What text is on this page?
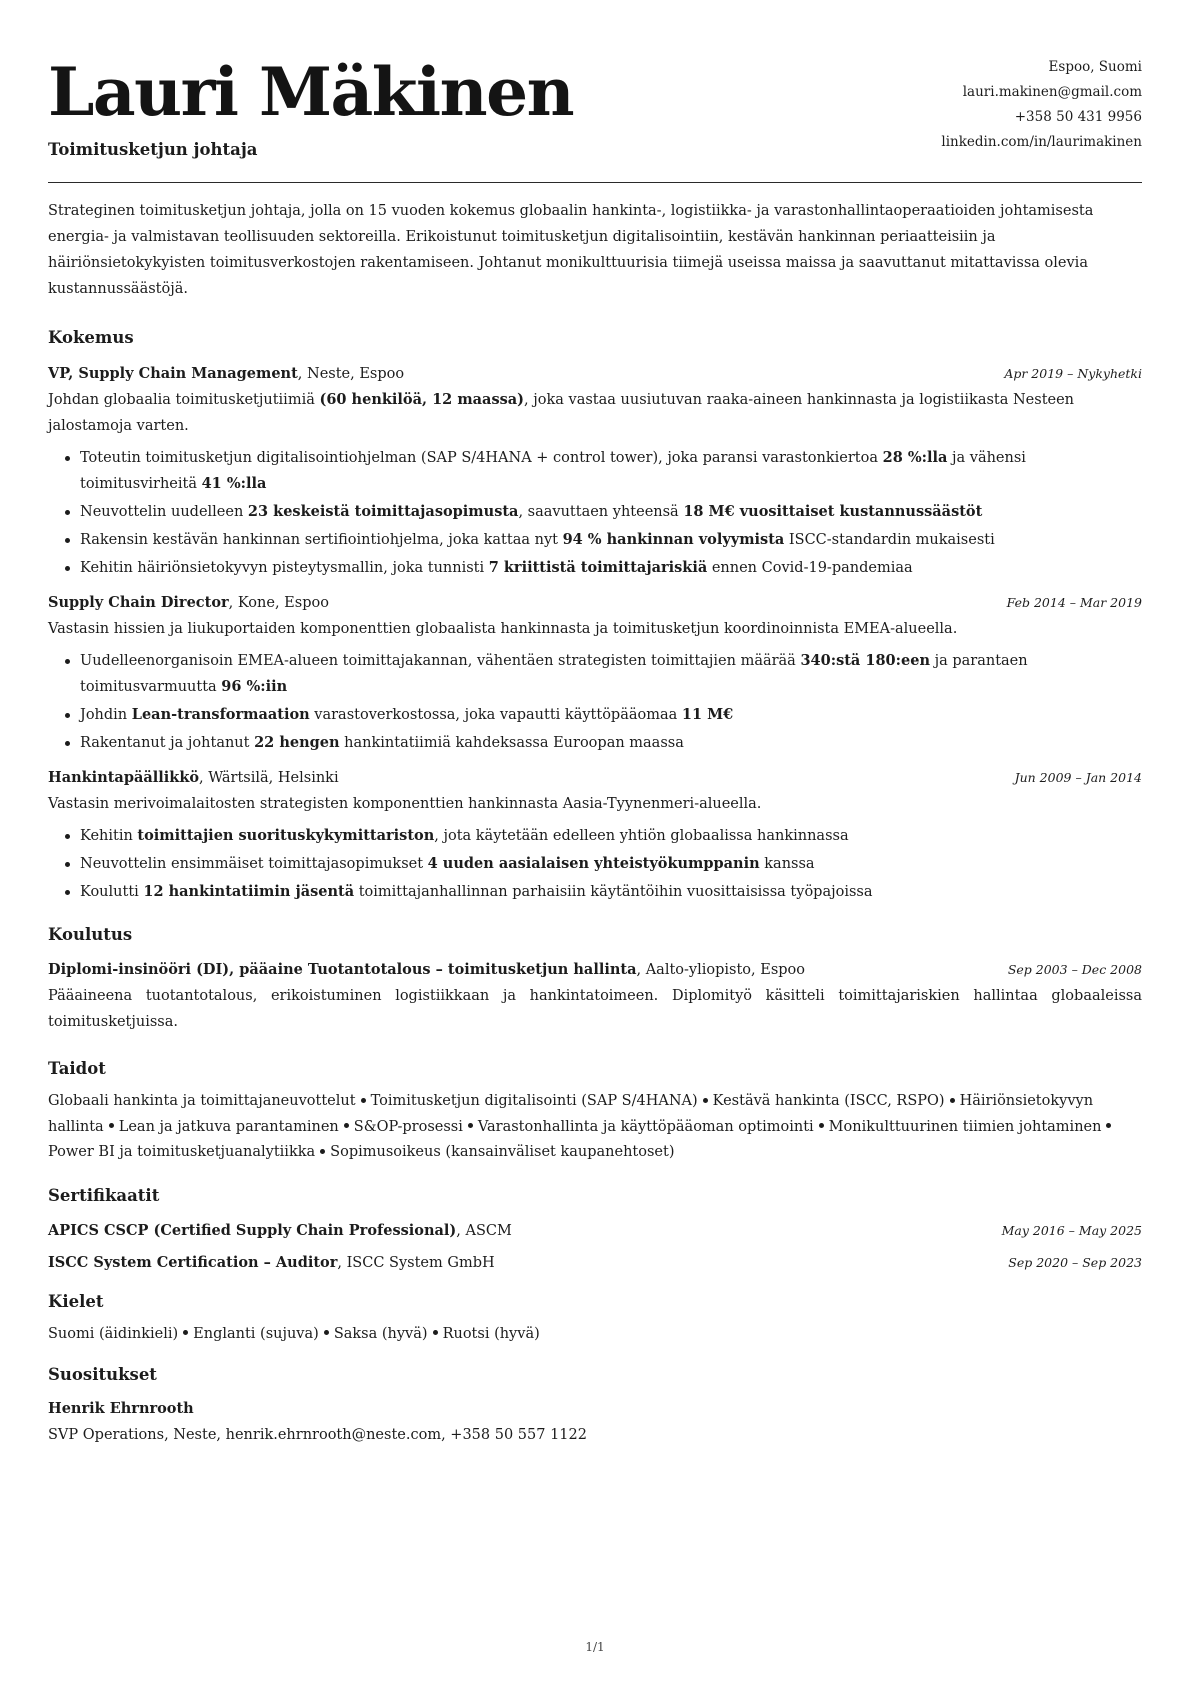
Lauri Mäkinen

Toimitusketjun johtaja

Espoo, Suomi
lauri.makinen@gmail.com
+358 50 431 9956
linkedin.com/in/laurimakinen

Strateginen toimitusketjun johtaja, jolla on 15 vuoden kokemus globaalin hankinta-, logistiikka- ja varastonhallintaoperaatioiden johtamisesta energia- ja valmistavan teollisuuden sektoreilla. Erikoistunut toimitusketjun digitalisointiin, kestävän hankinnan periaatteisiin ja häiriönsietokykyisten toimitusverkostojen rakentamiseen. Johtanut monikulttuurisia tiimejä useissa maissa ja saavuttanut mitattavissa olevia kustannussäästöjä.

Kokemus
VP, Supply Chain Management, Neste, Espoo	Apr 2019 – Nykyhetki

Johdan globaalia toimitusketjutiimiä (60 henkilöä, 12 maassa), joka vastaa uusiutuvan raaka-aineen hankinnasta ja logistiikasta Nesteen jalostamoja varten.

Toteutin toimitusketjun digitalisointiohjelman (SAP S/4HANA + control tower), joka paransi varastonkiertoa 28 %:lla ja vähensi toimitusvirheitä 41 %:lla
Neuvottelin uudelleen 23 keskeistä toimittajasopimusta, saavuttaen yhteensä 18 M€ vuosittaiset kustannussäästöt
Rakensin kestävän hankinnan sertifiointiohjelma, joka kattaa nyt 94 % hankinnan volyymista ISCC-standardin mukaisesti
Kehitin häiriönsietokyvyn pisteytysmallin, joka tunnisti 7 kriittistä toimittajariskiä ennen Covid-19-pandemiaa
Supply Chain Director, Kone, Espoo	Feb 2014 – Mar 2019

Vastasin hissien ja liukuportaiden komponenttien globaalista hankinnasta ja toimitusketjun koordinoinnista EMEA-alueella.

Uudelleenorganisoin EMEA-alueen toimittajakannan, vähentäen strategisten toimittajien määrää 340:stä 180:een ja parantaen toimitusvarmuutta 96 %:iin
Johdin Lean-transformaation varastoverkostossa, joka vapautti käyttöpääomaa 11 M€
Rakentanut ja johtanut 22 hengen hankintatiimiä kahdeksassa Euroopan maassa
Hankintapäällikkö, Wärtsilä, Helsinki	Jun 2009 – Jan 2014

Vastasin merivoimalaitosten strategisten komponenttien hankinnasta Aasia-Tyynenmeri-alueella.

Kehitin toimittajien suorituskykymittariston, jota käytetään edelleen yhtiön globaalissa hankinnassa
Neuvottelin ensimmäiset toimittajasopimukset 4 uuden aasialaisen yhteistyökumppanin kanssa
Koulutti 12 hankintatiimin jäsentä toimittajanhallinnan parhaisiin käytäntöihin vuosittaisissa työpajoissa
Koulutus
Diplomi-insinööri (DI), pääaine Tuotantotalous – toimitusketjun hallinta, Aalto-yliopisto, Espoo	Sep 2003 – Dec 2008

Pääaineena tuotantotalous, erikoistuminen logistiikkaan ja hankintatoimeen. Diplomityö käsitteli toimittajariskien hallintaa globaaleissa toimitusketjuissa.

Taidot

Globaali hankinta ja toimittajaneuvottelut Toimitusketjun digitalisointi (SAP S/4HANA) Kestävä hankinta (ISCC, RSPO) Häiriönsietokyvyn hallinta Lean ja jatkuva parantaminen S&OP-prosessi Varastonhallinta ja käyttöpääoman optimointi Monikulttuurinen tiimien johtaminenPower BI ja toimitusketjuanalytiikka Sopimusoikeus (kansainväliset kaupanehtoset)

Sertifikaatit
APICS CSCP (Certified Supply Chain Professional), ASCM	May 2016 – May 2025
ISCC System Certification – Auditor, ISCC System GmbH	Sep 2020 – Sep 2023
Kielet

Suomi (äidinkieli) Englanti (sujuva) Saksa (hyvä) Ruotsi (hyvä)

Suositukset
Henrik Ehrnrooth

SVP Operations, Neste, henrik.ehrnrooth@neste.com, +358 50 557 1122

1/1
